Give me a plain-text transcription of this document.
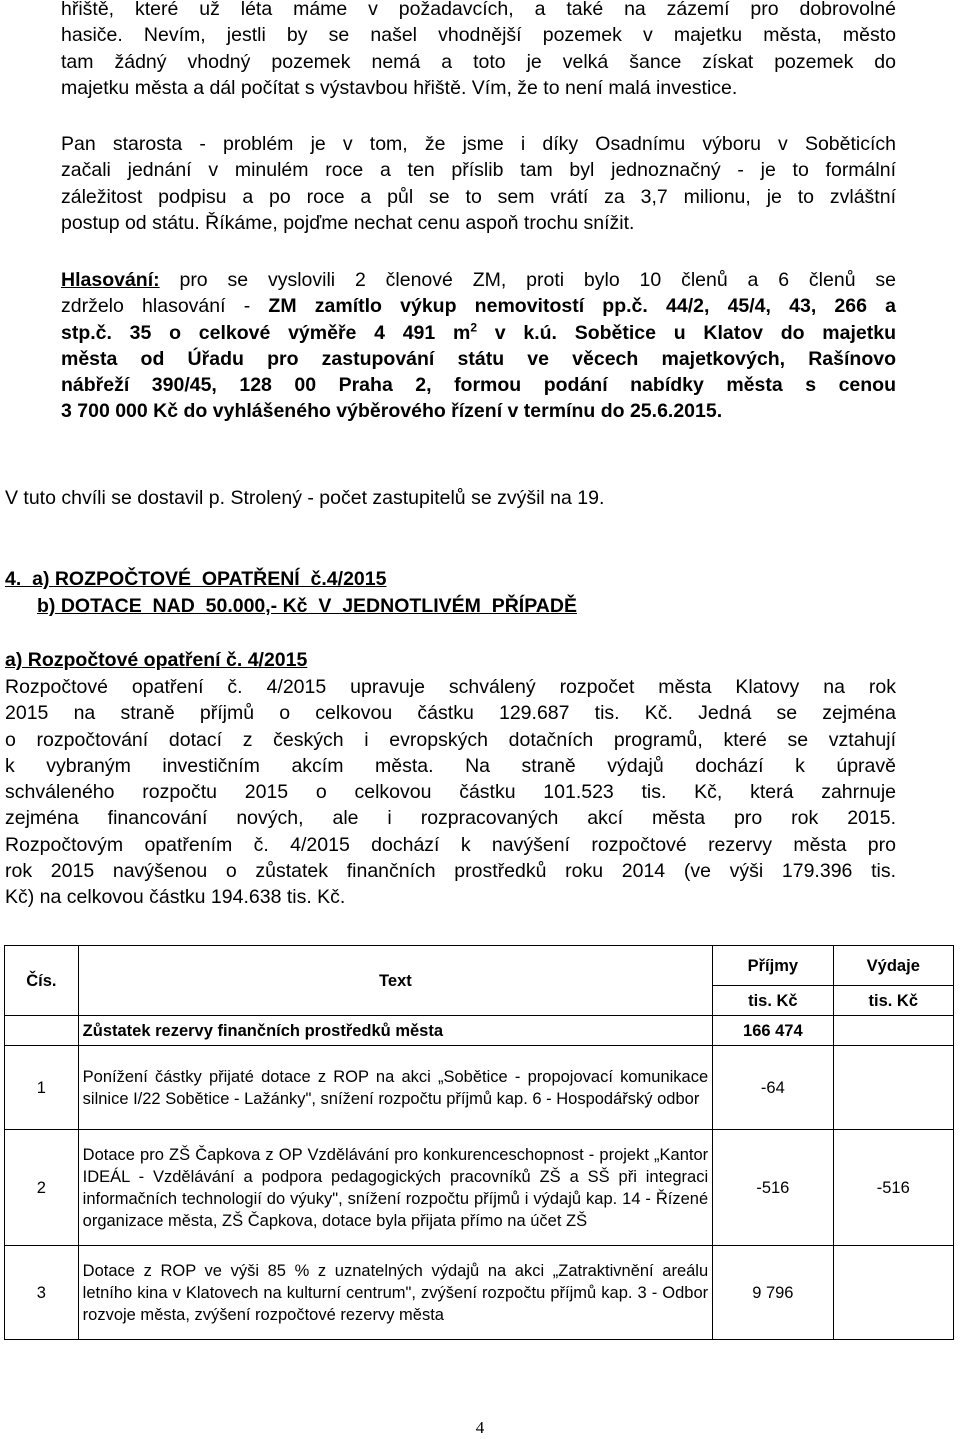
hřiště, které už léta máme v požadavcích, a také na zázemí pro dobrovolné
hasiče. Nevím, jestli by se našel vhodnější pozemek v majetku města, město
tam žádný vhodný pozemek nemá a toto je velká šance získat pozemek do
majetku města a dál počítat s výstavbou hřiště. Vím, že to není malá investice.
Pan starosta - problém je v tom, že jsme i díky Osadnímu výboru v Soběticích
začali jednání v minulém roce a ten příslib tam byl jednoznačný - je to formální
záležitost podpisu a po roce a půl se to sem vrátí za 3,7 milionu, je to zvláštní
postup od státu. Říkáme, pojďme nechat cenu aspoň trochu snížit.
Hlasování: pro se vyslovili 2 členové ZM, proti bylo 10 členů a 6 členů se
zdrželo hlasování - ZM zamítlo výkup nemovitostí pp.č. 44/2, 45/4, 43, 266 a
stp.č. 35 o celkové výměře 4 491 $m^2$ v k.ú. Sobětice u Klatov do majetku
města od Úřadu pro zastupování státu ve věcech majetkových, Rašínovo
nábřeží 390/45, 128 00 Praha 2, formou podání nabídky města s cenou
3 700 000 Kč do vyhlášeného výběrového řízení v termínu do 25.6.2015.
V tuto chvíli se dostavil p. Strolený - počet zastupitelů se zvýšil na 19.
4.  a) ROZPOČTOVÉ  OPATŘENÍ  č.4/2015
b) DOTACE  NAD  50.000,- Kč  V  JEDNOTLIVÉM  PŘÍPADĚ
a) Rozpočtové opatření č. 4/2015
Rozpočtové opatření č. 4/2015 upravuje schválený rozpočet města Klatovy na rok
2015 na straně příjmů o celkovou částku 129.687 tis. Kč. Jedná se zejména
o rozpočtování dotací z českých i evropských dotačních programů, které se vztahují
k vybraným investičním akcím města. Na straně výdajů dochází k úpravě
schváleného rozpočtu 2015 o celkovou částku 101.523 tis. Kč, která zahrnuje
zejména financování nových, ale i rozpracovaných akcí města pro rok 2015.
Rozpočtovým opatřením č. 4/2015 dochází k navýšení rozpočtové rezervy města pro
rok 2015 navýšenou o zůstatek finančních prostředků roku 2014 (ve výši 179.396 tis.
Kč) na celkovou částku 194.638 tis. Kč.
Čís.	Text	Příjmy	Výdaje
		tis. Kč	tis. Kč
	Zůstatek rezervy finančních prostředků města	166 474	
1	Ponížení částky přijaté dotace z ROP na akci „Sobětice - propojovací komunikace silnice I/22 Sobětice - Lažánky", snížení rozpočtu příjmů kap. 6 - Hospodářský odbor	-64	
2	Dotace pro ZŠ Čapkova z OP Vzdělávání pro konkurenceschopnost - projekt „Kantor IDEÁL - Vzdělávání a podpora pedagogických pracovníků ZŠ a SŠ při integraci informačních technologií do výuky", snížení rozpočtu příjmů i výdajů kap. 14 - Řízené organizace města, ZŠ Čapkova, dotace byla přijata přímo na účet ZŠ	-516	-516
3	Dotace z ROP ve výši 85 % z uznatelných výdajů na akci „Zatraktivnění areálu letního kina v Klatovech na kulturní centrum", zvýšení rozpočtu příjmů kap. 3 - Odbor rozvoje města, zvýšení rozpočtové rezervy města	9 796	
4
